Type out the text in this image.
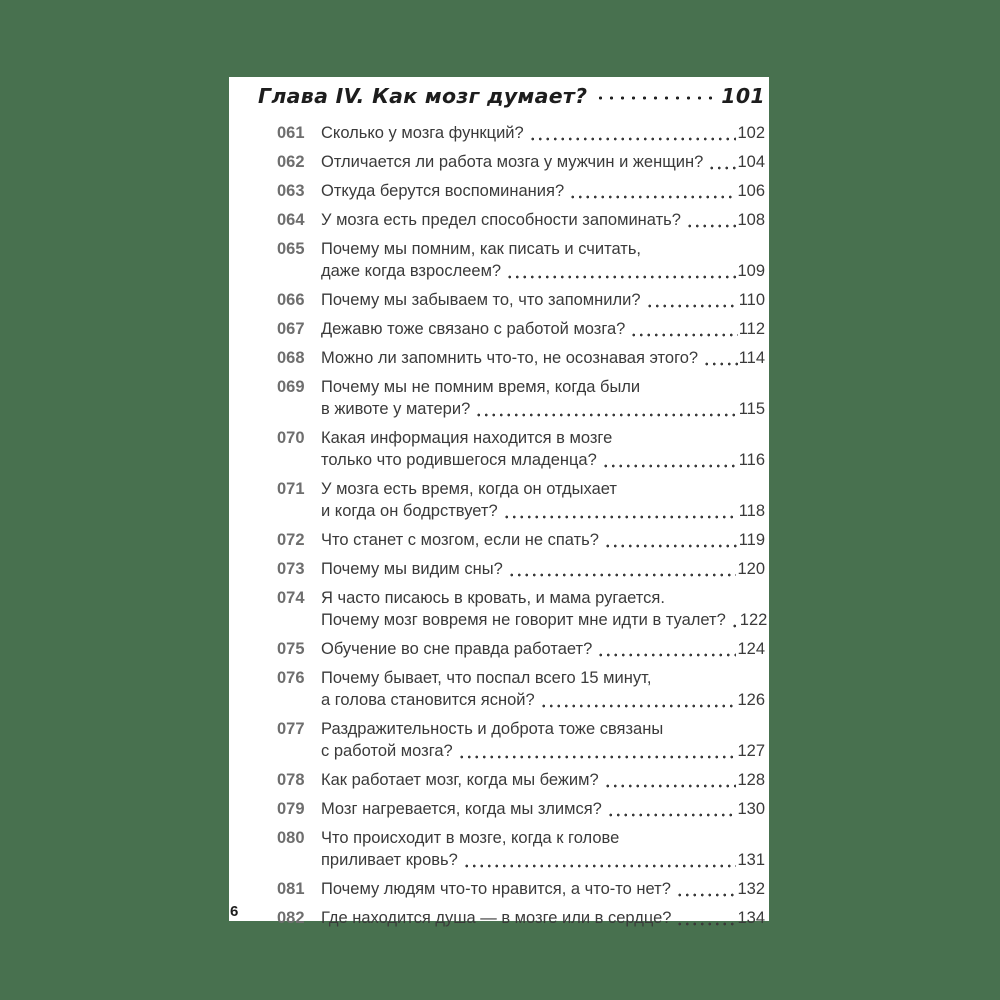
Глава IV. Как мозг думает?	101
061 Сколько у мозга функций?	102
062 Отличается ли работа мозга у мужчин и женщин? 104
063 Откуда берутся воспоминания?	106
064 У мозга есть предел способности запоминать?	108
065 Почему мы помним, как писать и считать,
даже когда взрослеем?	109
066 Почему мы забываем то, что запомнили?	110
067 Дежавю тоже связано с работой мозга?	112
068 Можно ли запомнить что-то, не осознавая этого? 114
069 Почему мы не помним время, когда были
в животе у матери?	115
070 Какая информация находится в мозге
только что родившегося младенца?	116
071 У мозга есть время, когда он отдыхает
и когда он бодрствует?	118
072 Что станет с мозгом, если не спать?	119
073 Почему мы видим сны?	120
074 Я часто писаюсь в кровать, и мама ругается.
Почему мозг вовремя не говорит мне идти в туалет? 122
075 Обучение во сне правда работает?	124
076 Почему бывает, что поспал всего 15 минут,
а голова становится ясной?	126
077 Раздражительность и доброта тоже связаны
с работой мозга?	127
078 Как работает мозг, когда мы бежим?	128
079 Мозг нагревается, когда мы злимся?	130
080 Что происходит в мозге, когда к голове
приливает кровь?	131
081 Почему людям что-то нравится, а что-то нет?	132
082 Где находится душа — в мозге или в сердце?	134
6
